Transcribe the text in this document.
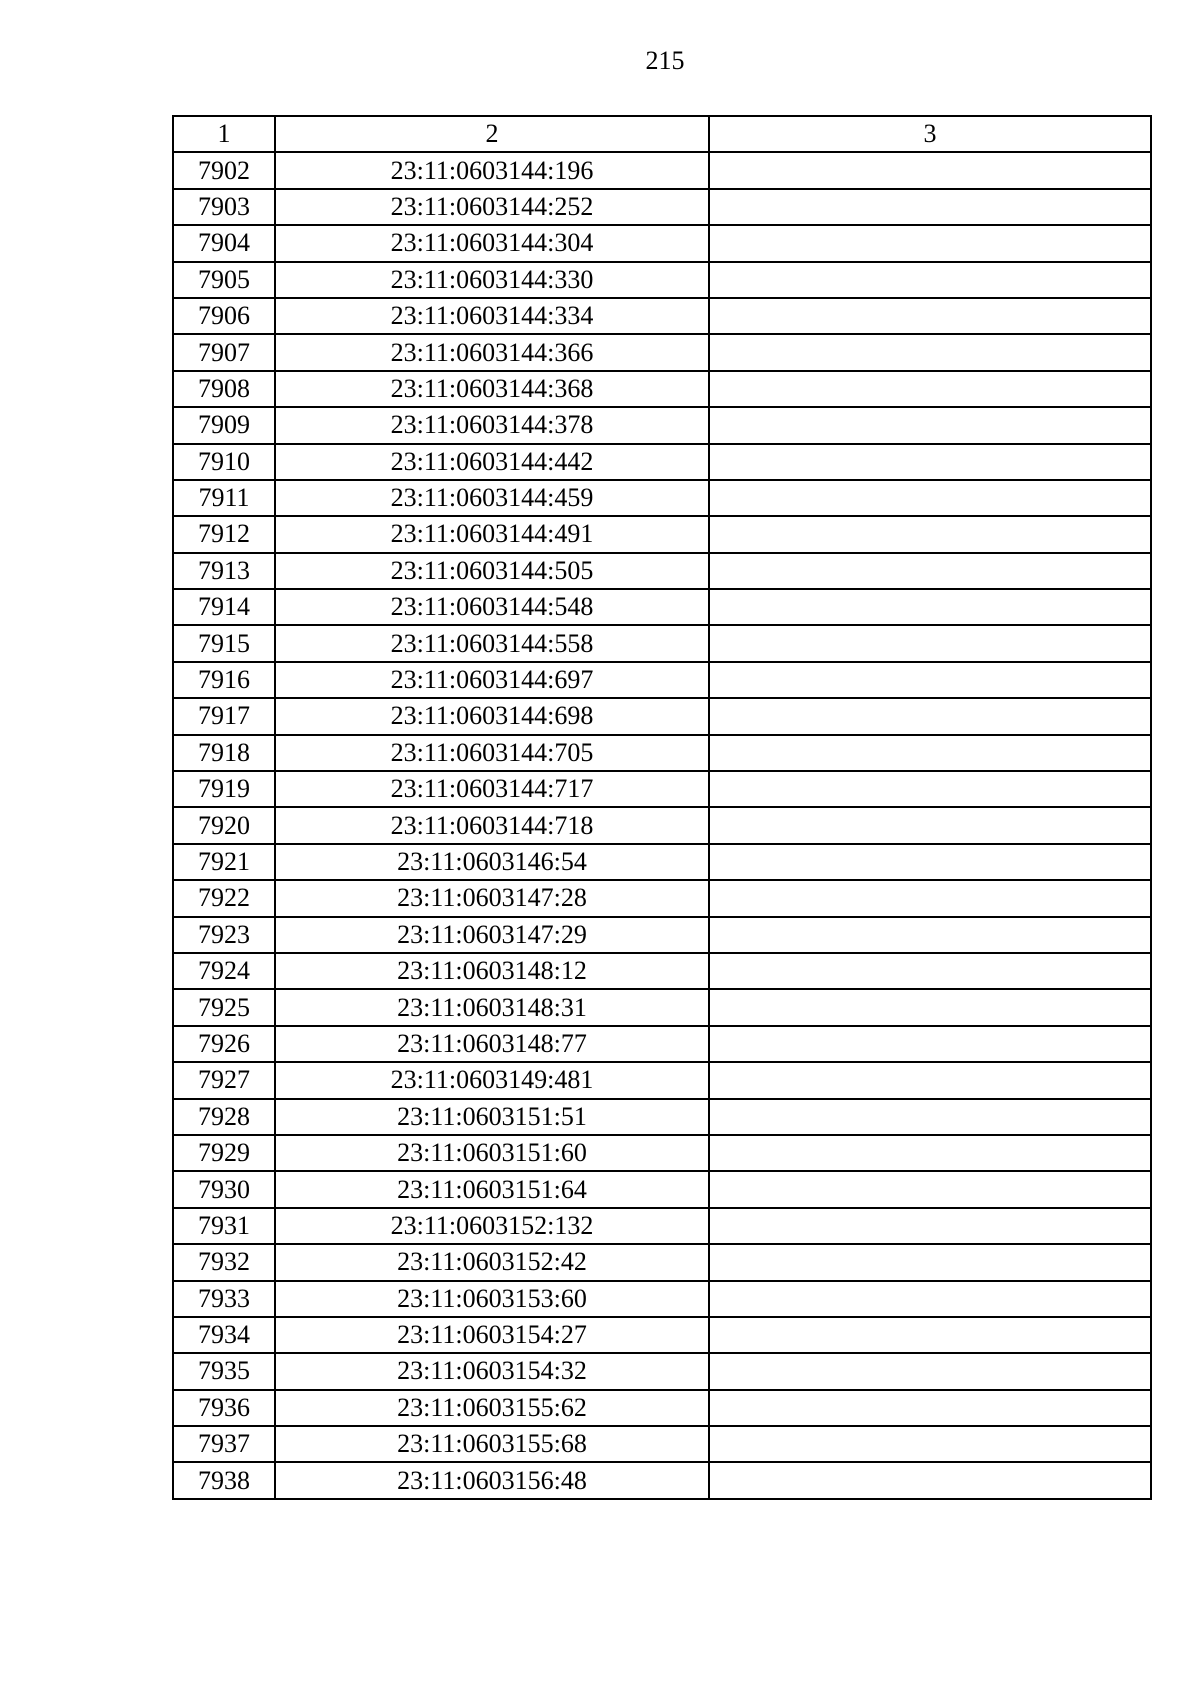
215
1	2	3
7902	23:11:0603144:196	
7903	23:11:0603144:252	
7904	23:11:0603144:304	
7905	23:11:0603144:330	
7906	23:11:0603144:334	
7907	23:11:0603144:366	
7908	23:11:0603144:368	
7909	23:11:0603144:378	
7910	23:11:0603144:442	
7911	23:11:0603144:459	
7912	23:11:0603144:491	
7913	23:11:0603144:505	
7914	23:11:0603144:548	
7915	23:11:0603144:558	
7916	23:11:0603144:697	
7917	23:11:0603144:698	
7918	23:11:0603144:705	
7919	23:11:0603144:717	
7920	23:11:0603144:718	
7921	23:11:0603146:54	
7922	23:11:0603147:28	
7923	23:11:0603147:29	
7924	23:11:0603148:12	
7925	23:11:0603148:31	
7926	23:11:0603148:77	
7927	23:11:0603149:481	
7928	23:11:0603151:51	
7929	23:11:0603151:60	
7930	23:11:0603151:64	
7931	23:11:0603152:132	
7932	23:11:0603152:42	
7933	23:11:0603153:60	
7934	23:11:0603154:27	
7935	23:11:0603154:32	
7936	23:11:0603155:62	
7937	23:11:0603155:68	
7938	23:11:0603156:48	
